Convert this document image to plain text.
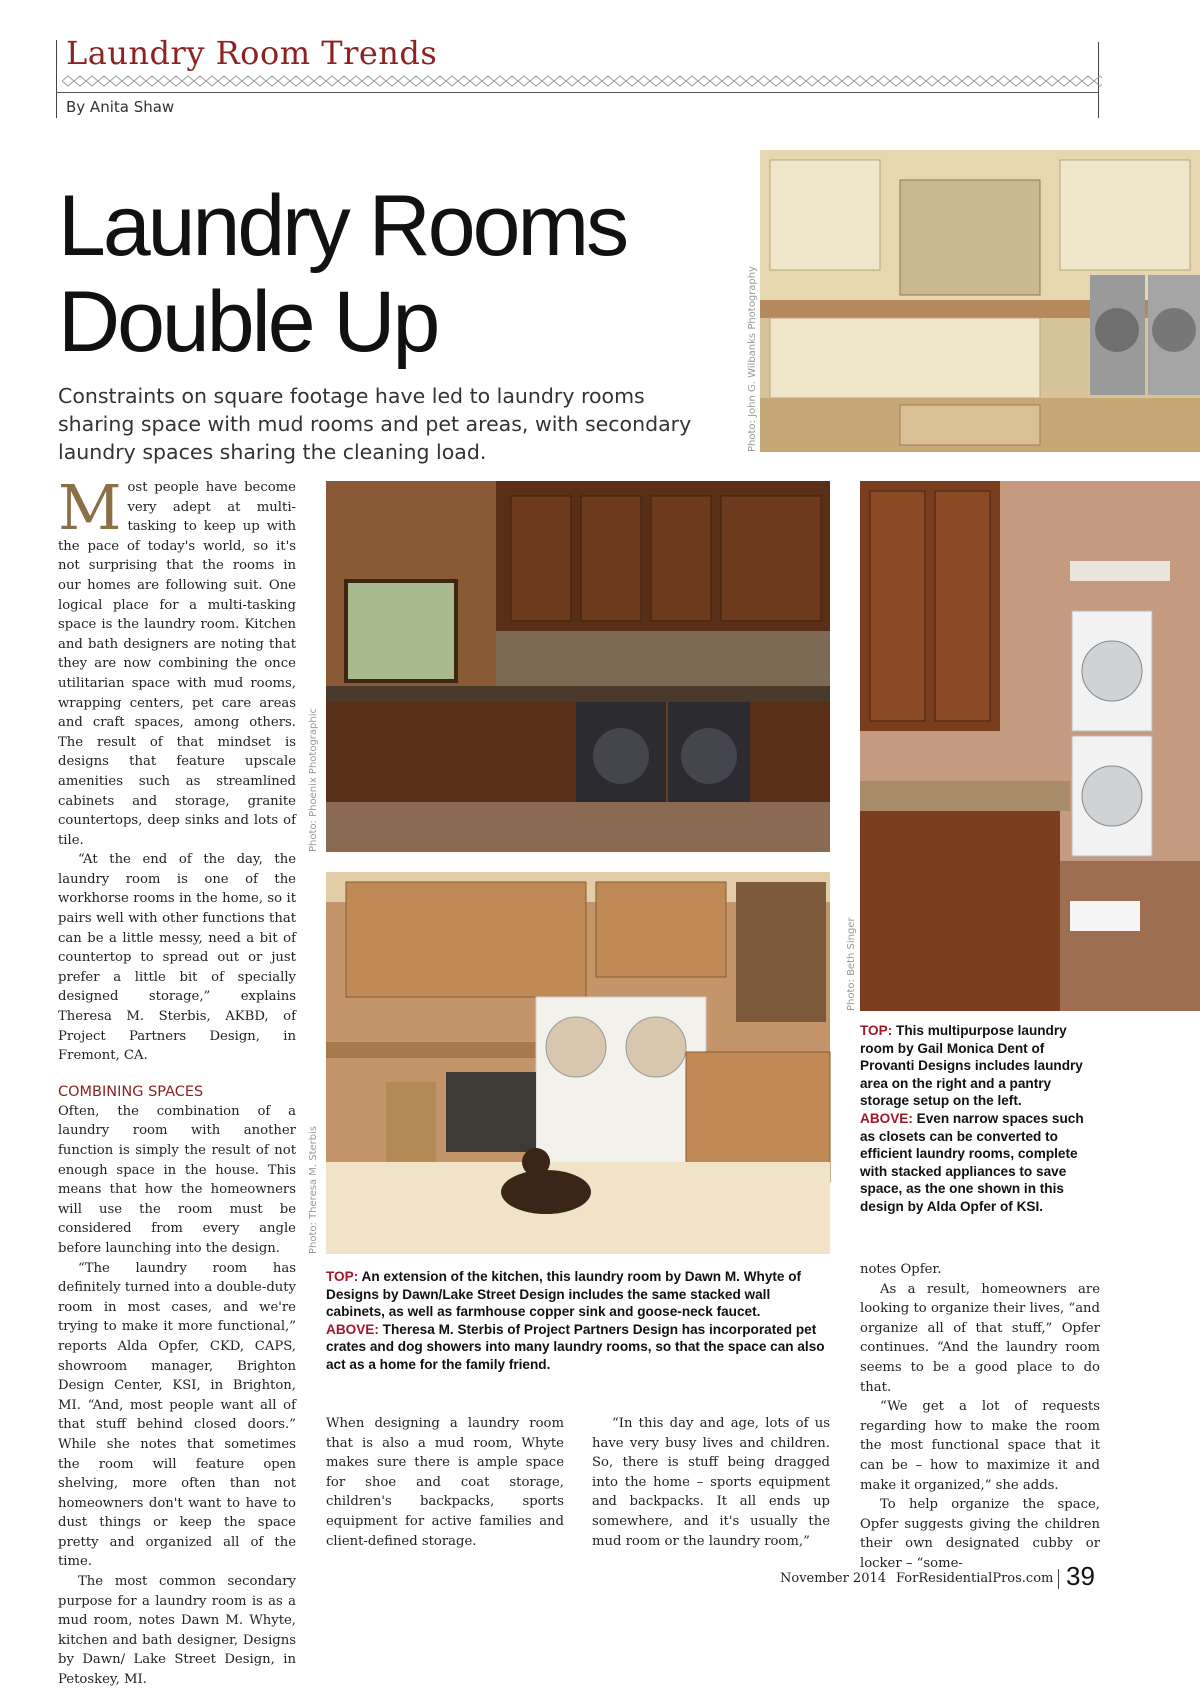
Laundry Room Trends
By Anita Shaw
Laundry Rooms
Double Up
Constraints on square footage have led to laundry rooms sharing space with mud rooms and pet areas, with secondary laundry spaces sharing the cleaning load.	Photo: John G. Wilbanks Photography
Photo: Phoenix Photographic
Photo: Beth Singer
Photo: Theresa M. Sterbis

Most people have become very adept at multi-tasking to keep up with the pace of today's world, so it's not surprising that the rooms in our homes are following suit. One logical place for a multi-tasking space is the laundry room. Kitchen and bath designers are noting that they are now combining the once utilitarian space with mud rooms, wrapping centers, pet care areas and craft spaces, among others. The result of that mindset is designs that feature upscale amenities such as streamlined cabinets and storage, granite countertops, deep sinks and lots of tile.

“At the end of the day, the laundry room is one of the workhorse rooms in the home, so it pairs well with other functions that can be a little messy, need a bit of countertop to spread out or just prefer a little bit of specially designed storage,” explains Theresa M. Sterbis, AKBD, of Project Partners Design, in Fremont, CA.

COMBINING SPACES

Often, the combination of a laundry room with another function is simply the result of not enough space in the house. This means that how the homeowners will use the room must be considered from every angle before launching into the design.

“The laundry room has definitely turned into a double-duty room in most cases, and we're trying to make it more functional,” reports Alda Opfer, CKD, CAPS, showroom manager, Brighton Design Center, KSI, in Brighton, MI. “And, most people want all of that stuff behind closed doors.” While she notes that sometimes the room will feature open shelving, more often than not homeowners don't want to have to dust things or keep the space pretty and organized all of the time.

The most common secondary purpose for a laundry room is as a mud room, notes Dawn M. Whyte, kitchen and bath designer, Designs by Dawn/ Lake Street Design, in Petoskey, MI.

TOP: An extension of the kitchen, this laundry room by Dawn M. Whyte of Designs by Dawn/Lake Street Design includes the same stacked wall cabinets, as well as farmhouse copper sink and goose-neck faucet.
ABOVE: Theresa M. Sterbis of Project Partners Design has incorporated pet crates and dog showers into many laundry rooms, so that the space can also act as a home for the family friend.
TOP: This multipurpose laundry room by Gail Monica Dent of Provanti Designs includes laundry area on the right and a pantry storage setup on the left.
ABOVE: Even narrow spaces such as closets can be converted to efficient laundry rooms, complete with stacked appliances to save space, as the one shown in this design by Alda Opfer of KSI.

When designing a laundry room that is also a mud room, Whyte makes sure there is ample space for shoe and coat storage, children's backpacks, sports equipment for active families and client-defined storage.

“In this day and age, lots of us have very busy lives and children. So, there is stuff being dragged into the home – sports equipment and backpacks. It all ends up somewhere, and it's usually the mud room or the laundry room,”

notes Opfer.

As a result, homeowners are looking to organize their lives, “and organize all of that stuff,” Opfer continues. “And the laundry room seems to be a good place to do that.

“We get a lot of requests regarding how to make the room the most functional space that it can be – how to maximize it and make it organized,” she adds.

To help organize the space, Opfer suggests giving the children their own designated cubby or locker – “some-

November 2014 ForResidentialPros.com 39
